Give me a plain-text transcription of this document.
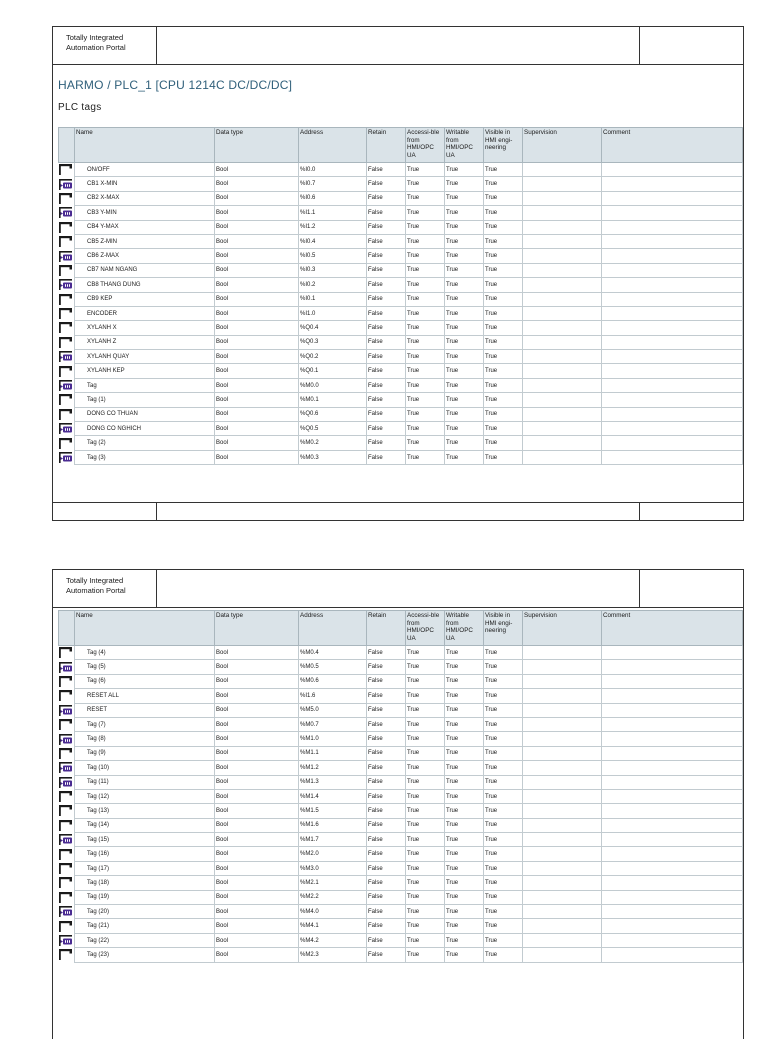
Totally Integrated
Automation Portal
HARMO / PLC_1 [CPU 1214C DC/DC/DC]
PLC tags
	Name	Data type	Address	Retain	Accessi-ble from HMI/OPC UA	Writable from HMI/OPC UA	Visible in HMI engi-neering	Supervision	Comment

	ON/OFF	Bool	%I0.0	False	True	True	True		

	CB1 X-MIN	Bool	%I0.7	False	True	True	True		

	CB2 X-MAX	Bool	%I0.6	False	True	True	True		

	CB3 Y-MIN	Bool	%I1.1	False	True	True	True		

	CB4 Y-MAX	Bool	%I1.2	False	True	True	True		

	CB5 Z-MIN	Bool	%I0.4	False	True	True	True		

	CB6 Z-MAX	Bool	%I0.5	False	True	True	True		

	CB7 NAM NGANG	Bool	%I0.3	False	True	True	True		

	CB8 THANG DUNG	Bool	%I0.2	False	True	True	True		

	CB9 KEP	Bool	%I0.1	False	True	True	True		

	ENCODER	Bool	%I1.0	False	True	True	True		

	XYLANH X	Bool	%Q0.4	False	True	True	True		

	XYLANH Z	Bool	%Q0.3	False	True	True	True		

	XYLANH QUAY	Bool	%Q0.2	False	True	True	True		

	XYLANH KEP	Bool	%Q0.1	False	True	True	True		

	Tag	Bool	%M0.0	False	True	True	True		

	Tag (1)	Bool	%M0.1	False	True	True	True		

	DONG CO THUAN	Bool	%Q0.6	False	True	True	True		

	DONG CO NGHICH	Bool	%Q0.5	False	True	True	True		

	Tag (2)	Bool	%M0.2	False	True	True	True		

	Tag (3)	Bool	%M0.3	False	True	True	True		
Totally Integrated
Automation Portal
	Name	Data type	Address	Retain	Accessi-ble from HMI/OPC UA	Writable from HMI/OPC UA	Visible in HMI engi-neering	Supervision	Comment

	Tag (4)	Bool	%M0.4	False	True	True	True		

	Tag (5)	Bool	%M0.5	False	True	True	True		

	Tag (6)	Bool	%M0.6	False	True	True	True		

	RESET ALL	Bool	%I1.6	False	True	True	True		

	RESET	Bool	%M5.0	False	True	True	True		

	Tag (7)	Bool	%M0.7	False	True	True	True		

	Tag (8)	Bool	%M1.0	False	True	True	True		

	Tag (9)	Bool	%M1.1	False	True	True	True		

	Tag (10)	Bool	%M1.2	False	True	True	True		

	Tag (11)	Bool	%M1.3	False	True	True	True		

	Tag (12)	Bool	%M1.4	False	True	True	True		

	Tag (13)	Bool	%M1.5	False	True	True	True		

	Tag (14)	Bool	%M1.6	False	True	True	True		

	Tag (15)	Bool	%M1.7	False	True	True	True		

	Tag (16)	Bool	%M2.0	False	True	True	True		

	Tag (17)	Bool	%M3.0	False	True	True	True		

	Tag (18)	Bool	%M2.1	False	True	True	True		

	Tag (19)	Bool	%M2.2	False	True	True	True		

	Tag (20)	Bool	%M4.0	False	True	True	True		

	Tag (21)	Bool	%M4.1	False	True	True	True		

	Tag (22)	Bool	%M4.2	False	True	True	True		

	Tag (23)	Bool	%M2.3	False	True	True	True		
